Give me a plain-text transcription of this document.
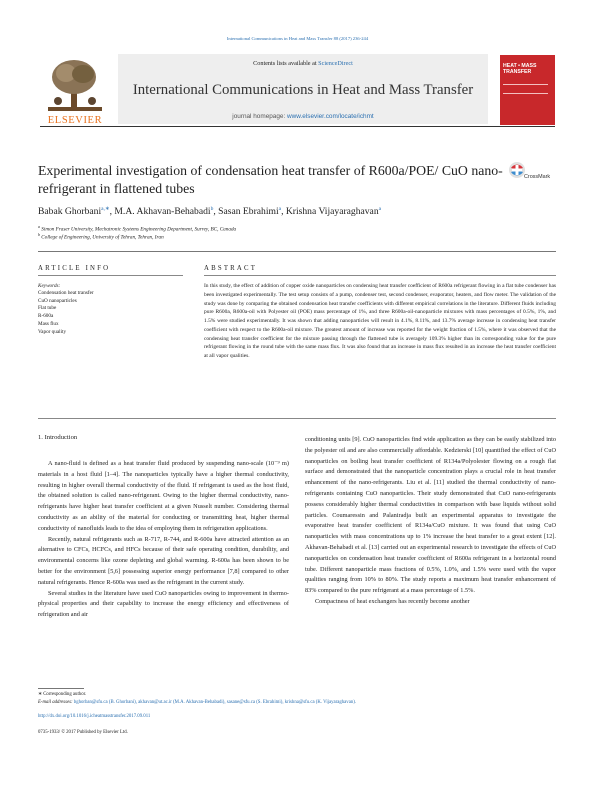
International Communications in Heat and Mass Transfer 88 (2017) 236-244
Contents lists available at ScienceDirect
International Communications in Heat and Mass Transfer
journal homepage: www.elsevier.com/locate/ichmt
ELSEVIER
HEAT • MASS TRANSFER
Experimental investigation of condensation heat transfer of R600a/POE/ CuO nano-refrigerant in flattened tubes
CrossMark
Babak Ghorbani$^{a,∗}$, M.A. Akhavan-Behabadi$^b$, Sasan Ebrahimi$^a$, Krishna Vijayaraghavan$^a$
$^a$ Simon Fraser University, Mechatronic Systems Engineering Department, Surrey, BC, Canada
$^b$ College of Engineering, University of Tehran, Tehran, Iran
ARTICLE INFO	ABSTRACT
Keywords:
Condensation heat transfer
CuO nanoparticles
Flat tube
R-600a
Mass flux
Vapor quality
In this study, the effect of addition of copper oxide nanoparticles on condensing heat transfer coefficient of R600a refrigerant flowing in a flat tube condenser has been investigated experimentally. The test setup consists of a pump, condenser test, second condenser, evaporator, heaters, and flow meter. The validation of the study was done by comparing the obtained condensation heat transfer coefficients with different empirical correlations in the literature. Different fluids including pure R600a, R600a-oil with Polyester oil (POE) mass percentage of 1%, and three R600a-oil-nanoparticle mixtures with mass percentages of 0.5%, 1%, and 1.5% were studied experimentally. It was shown that adding nanoparticles will result in 4.1%, 8.11%, and 13.7% average increase in condensing heat transfer coefficient with respect to the R600a-oil mixture. The greatest amount of increase was reported for the weight fraction of 1.5%, where it was observed that the condensing heat transfer coefficient for the mixture passing through the flattened tube is averagely 109.3% higher than its corresponding value for the pure refrigerant flowing in the round tube with the same mass flux. It was also found that an increase in mass flux resulted in an increase the heat transfer coefficient at all vapor qualities.
1. Introduction

A nano-fluid is defined as a heat transfer fluid produced by suspending nano-scale (10⁻⁹ m) materials in a host fluid [1–4]. The nanoparticles typically have a higher thermal conductivity, resulting in higher overall thermal conductivity of the fluid. If refrigerant is used as the host fluid, the obtained solution is called nano-refrigerant. Owing to the higher thermal conductivity, nano-refrigerants have higher heat transfer coefficient at a given Nusselt number. Considering thermal conductivity as an ability of the material for conducting or transmitting heat, higher thermal conductivity of nanofluids leads to the idea of employing them in refrigeration applications.

Recently, natural refrigerants such as R-717, R-744, and R-600a have attracted attention as an alternative to CFCs, HCFCs, and HFCs because of their safe operating condition, durability, and environmental concerns like ozone depleting and global warming. R-600a has been shown to be better for the environment [5,6] possessing superior energy performance [7,8] compared to other natural refrigerants. Hence R-600a was used as the refrigerant in the current study.

Several studies in the literature have used CuO nanoparticles owing to improvement in thermo-physical properties and their capability to increase the energy efficiency and effectiveness of refrigeration and air

conditioning units [9]. CuO nanoparticles find wide application as they can be easily stabilized into the polyester oil and are also commercially affordable. Kedzierski [10] quantified the effect of CuO nanoparticles on boiling heat transfer coefficient of R134a/Polyolester flowing on a rough flat surface and demonstrated that the nanoparticle concentration plays a crucial role in heat transfer enhancement of the nano-refrigerants. Liu et al. [11] studied the thermal conductivity of nano-refrigerants containing CuO nanoparticles. Their study demonstrated that CuO nano-refrigerants possess considerably higher thermal conductivities in comparison with base liquids without solid particles. Coumaressin and Palaniradja built an experimental apparatus to investigate the evaporative heat transfer coefficient of R134a/CuO mixture. It was found that using CuO nanoparticles with mass concentrations up to 1% increase the heat transfer to a great extent [12]. Akhavan-Behabadi et al. [13] carried out an experimental research to investigate the effects of CuO nanoparticles on condensation heat transfer coefficient of R600a refrigerant in a horizontal round tube. Different nanoparticle mass fractions of 0.5%, 1.0%, and 1.5% were used with the vapor qualities ranging from 10% to 80%. The study reports a maximum heat transfer enhancement of 83% compared to the pure refrigerant at a mass percentage of 1.5%.

Compactness of heat exchangers has recently become another

∗ Corresponding author.
E-mail addresses: bghorban@sfu.ca (B. Ghorbani), akhavan@ut.ac.ir (M.A. Akhavan-Behabadi), sasane@sfu.ca (S. Ebrahimi), krishna@sfu.ca (K. Vijayaraghavan).
http://dx.doi.org/10.1016/j.icheatmasstransfer.2017.09.011
0735-1933/ © 2017 Published by Elsevier Ltd.
